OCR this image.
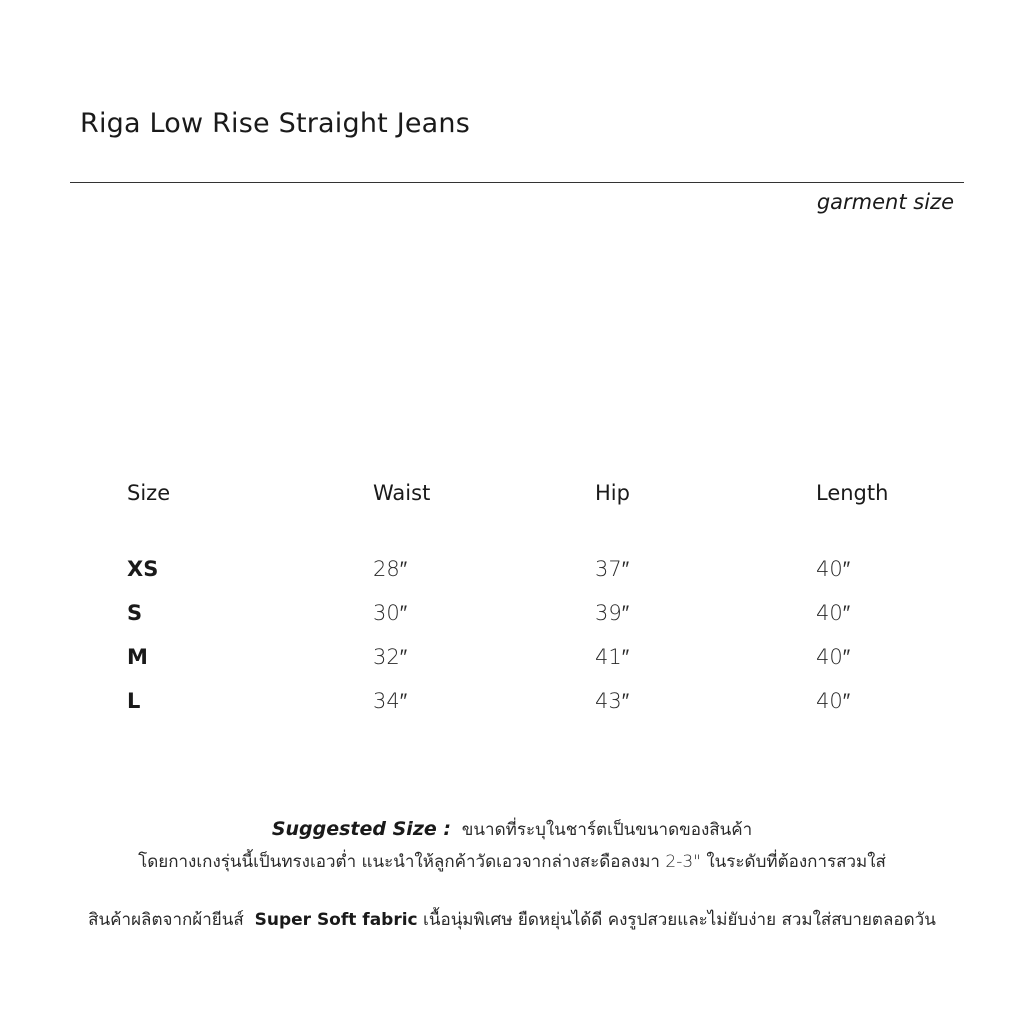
Riga Low Rise Straight Jeans
garment size
Size	Waist	Hip	Length
XS	28″	37″	40″
S	30″	39″	40″
M	32″	41″	40″
L	34″	43″	40″
Suggested Size : ขนาดที่ระบุในชาร์ตเป็นขนาดของสินค้า
โดยกางเกงรุ่นนี้เป็นทรงเอวต่ำ แนะนำให้ลูกค้าวัดเอวจากล่างสะดือลงมา 2-3" ในระดับที่ต้องการสวมใส่
สินค้าผลิตจากผ้ายีนส์ Super Soft fabric เนื้อนุ่มพิเศษ ยืดหยุ่นได้ดี คงรูปสวยและไม่ยับง่าย สวมใส่สบายตลอดวัน
